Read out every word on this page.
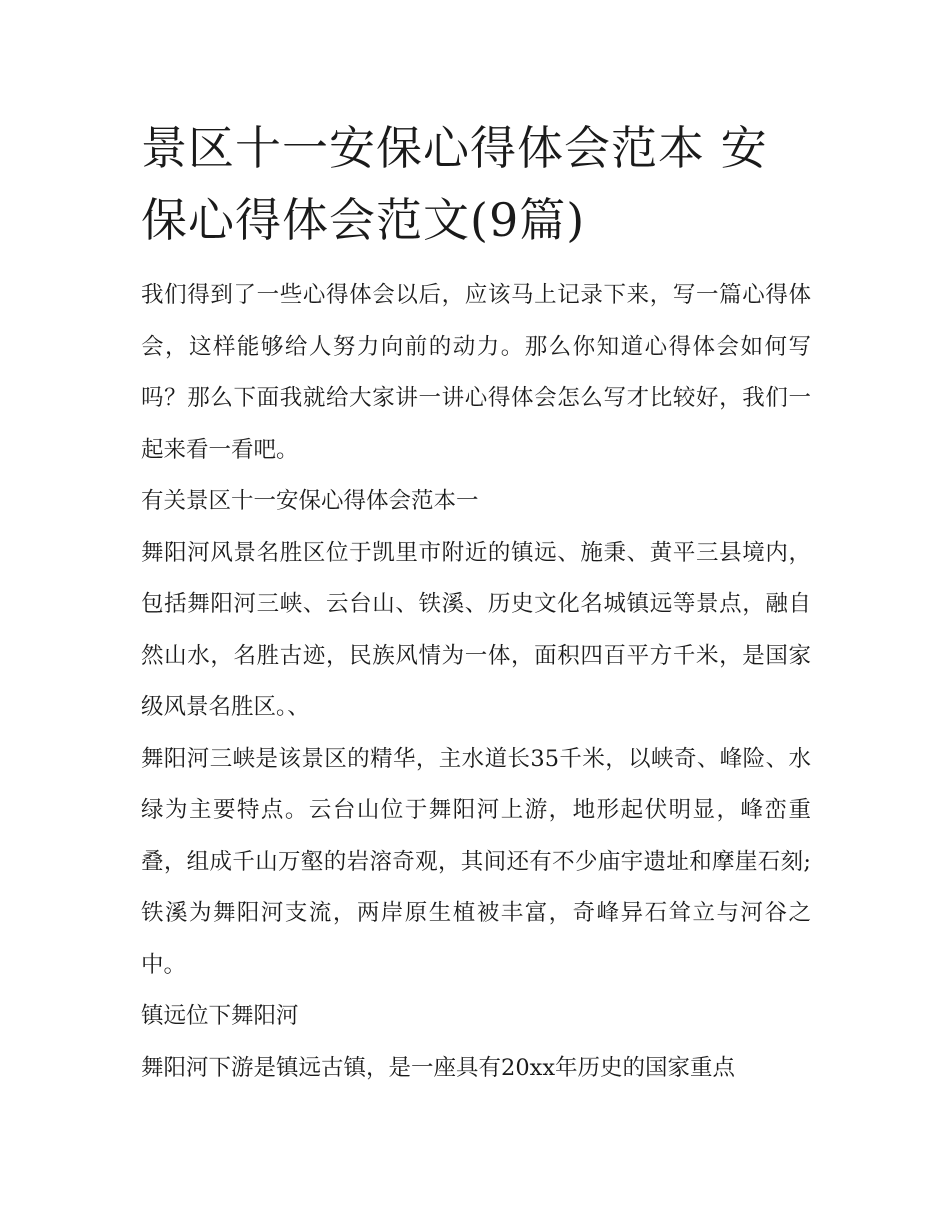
景区十一安保心得体会范本 安保心得体会范文(9篇)

我们得到了一些心得体会以后，应该马上记录下来，写一篇心得体会，这样能够给人努力向前的动力。那么你知道心得体会如何写吗？那么下面我就给大家讲一讲心得体会怎么写才比较好，我们一起来看一看吧。

有关景区十一安保心得体会范本一

舞阳河风景名胜区位于凯里市附近的镇远、施秉、黄平三县境内，包括舞阳河三峡、云台山、铁溪、历史文化名城镇远等景点，融自然山水，名胜古迹，民族风情为一体，面积四百平方千米，是国家级风景名胜区。、

舞阳河三峡是该景区的精华，主水道长35千米，以峡奇、峰险、水绿为主要特点。云台山位于舞阳河上游，地形起伏明显，峰峦重叠，组成千山万壑的岩溶奇观，其间还有不少庙宇遗址和摩崖石刻;铁溪为舞阳河支流，两岸原生植被丰富，奇峰异石耸立与河谷之中。

镇远位下舞阳河

舞阳河下游是镇远古镇，是一座具有20xx年历史的国家重点
